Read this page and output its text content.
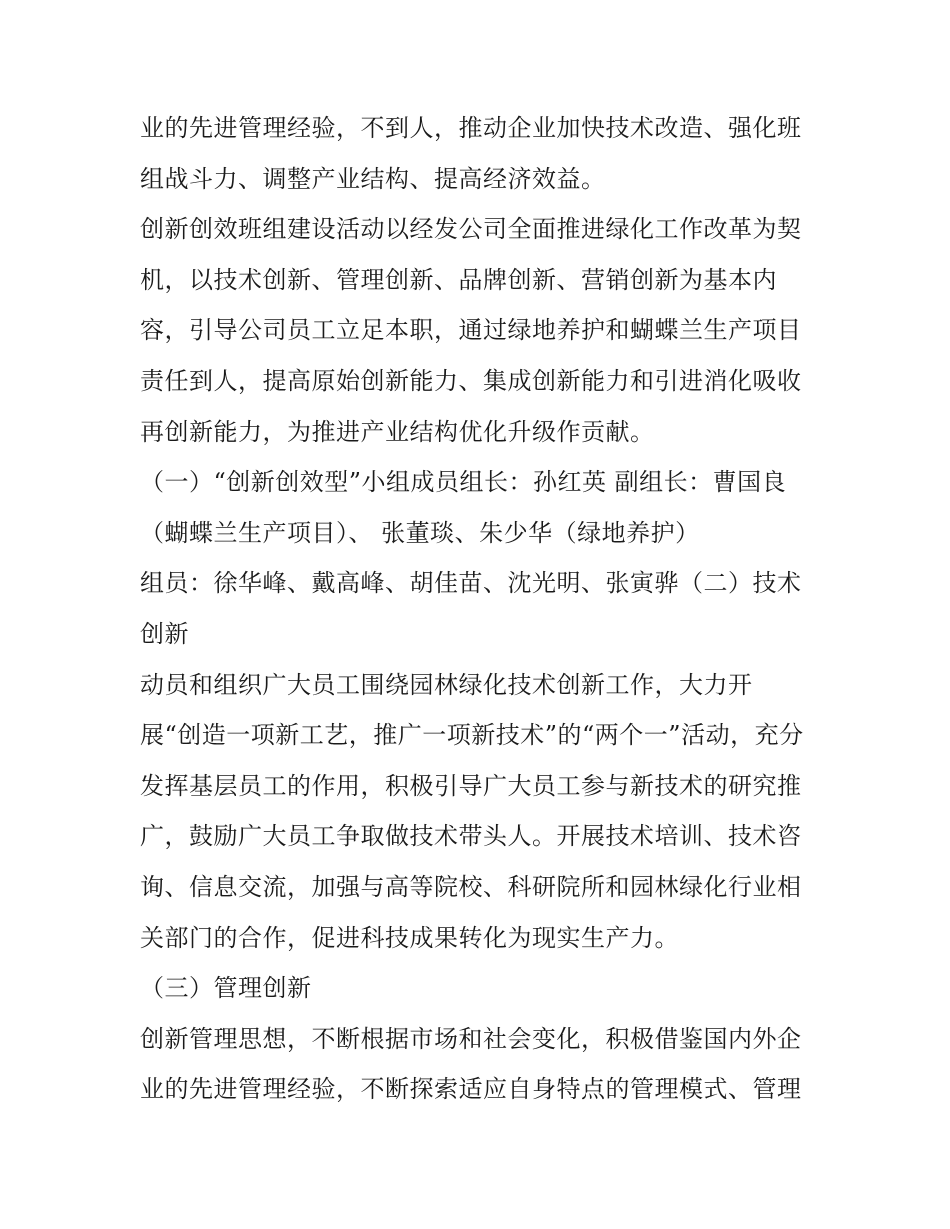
业的先进管理经验，不到人，推动企业加快技术改造、强化班
组战斗力、调整产业结构、提高经济效益。
创新创效班组建设活动以经发公司全面推进绿化工作改革为契
机，以技术创新、管理创新、品牌创新、营销创新为基本内
容，引导公司员工立足本职，通过绿地养护和蝴蝶兰生产项目
责任到人，提高原始创新能力、集成创新能力和引进消化吸收
再创新能力，为推进产业结构优化升级作贡献。
（一）“创新创效型”小组成员组长：孙红英 副组长：曹国良
（蝴蝶兰生产项目）、 张董琰、朱少华（绿地养护）
组员：徐华峰、戴高峰、胡佳苗、沈光明、张寅骅（二）技术
创新
动员和组织广大员工围绕园林绿化技术创新工作，大力开
展“创造一项新工艺，推广一项新技术”的“两个一”活动，充分
发挥基层员工的作用，积极引导广大员工参与新技术的研究推
广，鼓励广大员工争取做技术带头人。开展技术培训、技术咨
询、信息交流，加强与高等院校、科研院所和园林绿化行业相
关部门的合作，促进科技成果转化为现实生产力。
（三）管理创新
创新管理思想，不断根据市场和社会变化，积极借鉴国内外企
业的先进管理经验，不断探索适应自身特点的管理模式、管理
